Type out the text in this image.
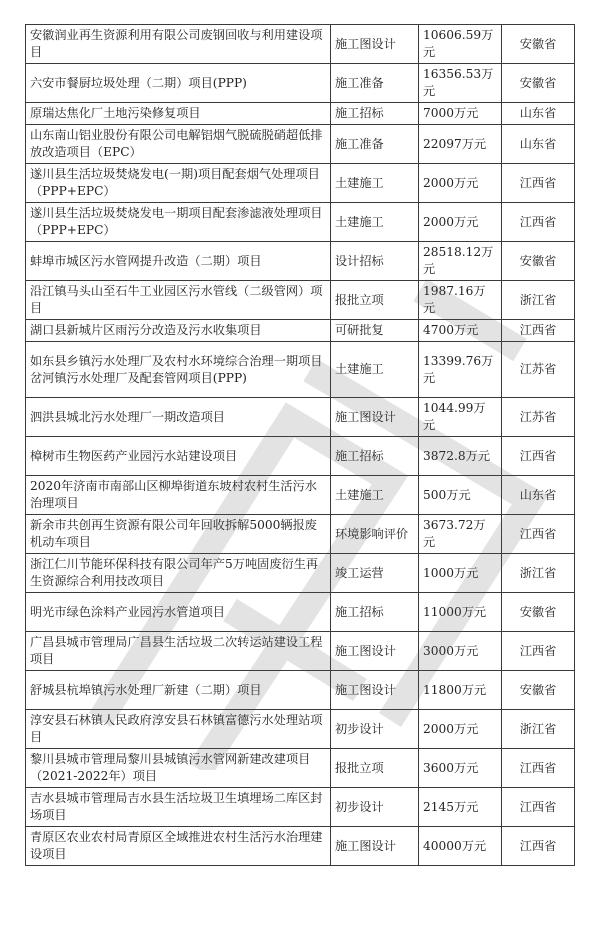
安徽润业再生资源利用有限公司废钢回收与利用建设项目	施工图设计	10606.59万元	安徽省
六安市餐厨垃圾处理（二期）项目(PPP)	施工准备	16356.53万元	安徽省
原瑞达焦化厂土地污染修复项目	施工招标	7000万元	山东省
山东南山铝业股份有限公司电解铝烟气脱硫脱硝超低排放改造项目（EPC）	施工准备	22097万元	山东省
遂川县生活垃圾焚烧发电(一期)项目配套烟气处理项目（PPP+EPC）	土建施工	2000万元	江西省
遂川县生活垃圾焚烧发电一期项目配套渗滤液处理项目（PPP+EPC）	土建施工	2000万元	江西省
蚌埠市城区污水管网提升改造（二期）项目	设计招标	28518.12万元	安徽省
沿江镇马头山至石牛工业园区污水管线（二级管网）项目	报批立项	1987.16万元	浙江省
湖口县新城片区雨污分改造及污水收集项目	可研批复	4700万元	江西省
如东县乡镇污水处理厂及农村水环境综合治理一期项目岔河镇污水处理厂及配套管网项目(PPP)	土建施工	13399.76万元	江苏省
泗洪县城北污水处理厂一期改造项目	施工图设计	1044.99万元	江苏省
樟树市生物医药产业园污水站建设项目	施工招标	3872.8万元	江西省
2020年济南市南部山区柳埠街道东坡村农村生活污水治理项目	土建施工	500万元	山东省
新余市共创再生资源有限公司年回收拆解5000辆报废机动车项目	环境影响评价	3673.72万元	江西省
浙江仁川节能环保科技有限公司年产5万吨固废衍生再生资源综合利用技改项目	竣工运营	1000万元	浙江省
明光市绿色涂料产业园污水管道项目	施工招标	11000万元	安徽省
广昌县城市管理局广昌县生活垃圾二次转运站建设工程项目	施工图设计	3000万元	江西省
舒城县杭埠镇污水处理厂新建（二期）项目	施工图设计	11800万元	安徽省
淳安县石林镇人民政府淳安县石林镇富德污水处理站项目	初步设计	2000万元	浙江省
黎川县城市管理局黎川县城镇污水管网新建改建项目（2021-2022年）项目	报批立项	3600万元	江西省
吉水县城市管理局吉水县生活垃圾卫生填埋场二库区封场项目	初步设计	2145万元	江西省
青原区农业农村局青原区全域推进农村生活污水治理建设项目	施工图设计	40000万元	江西省
